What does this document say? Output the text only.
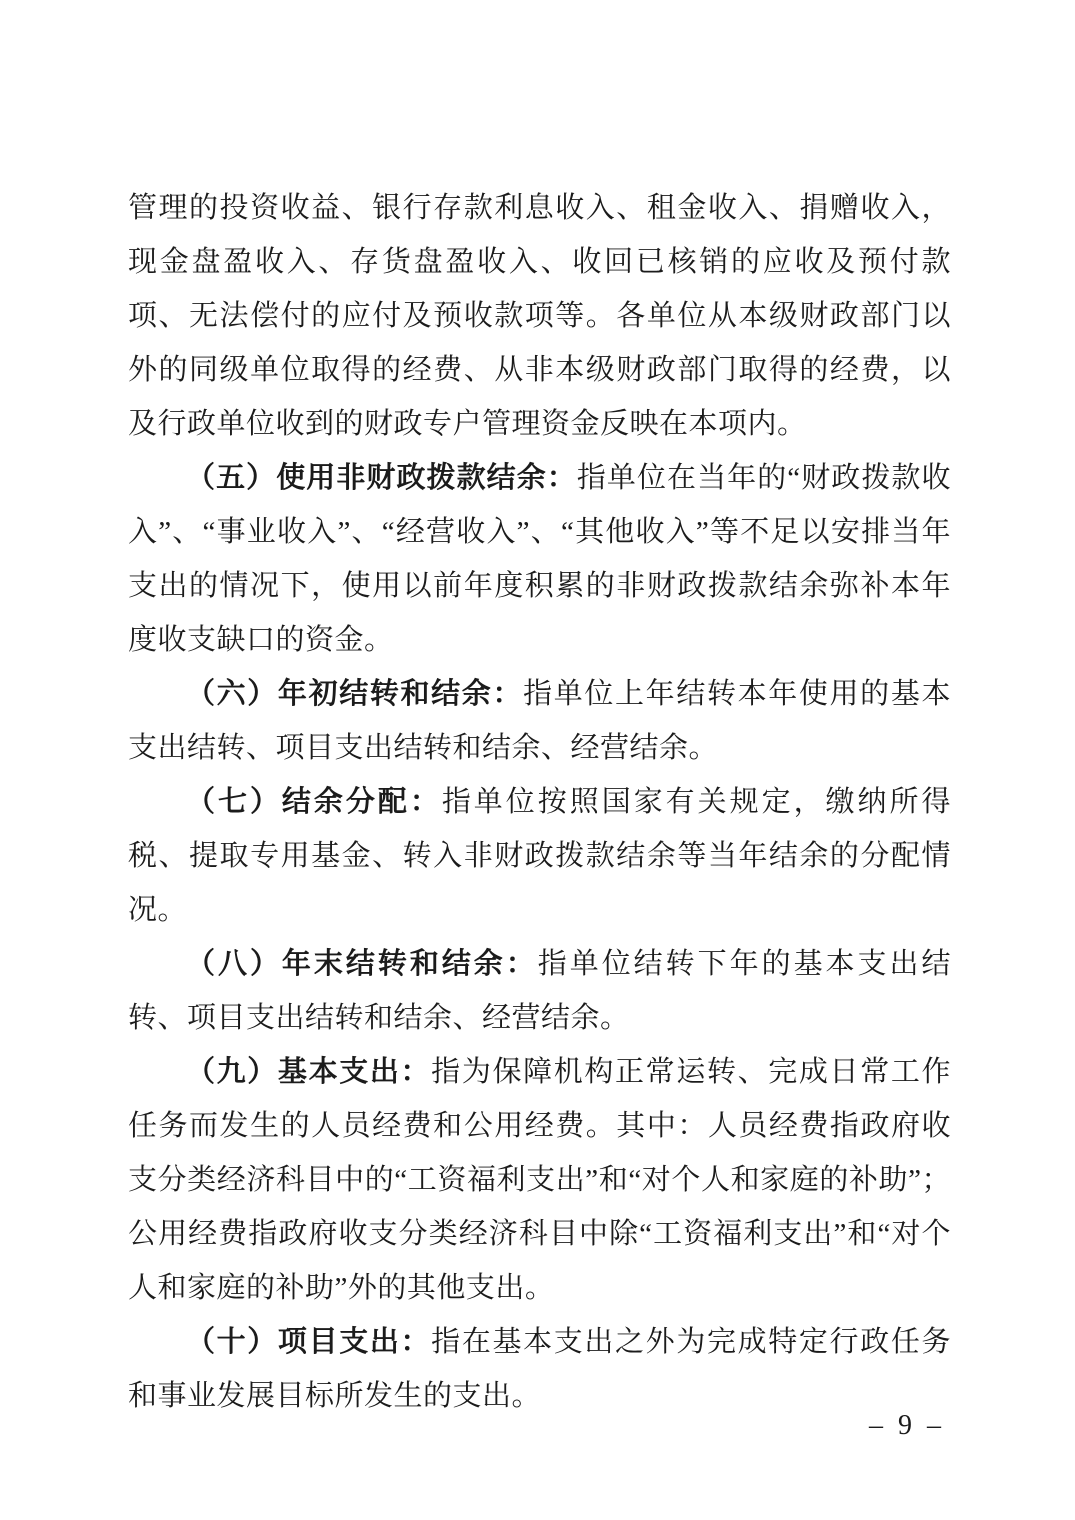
管理的投资收益、银行存款利息收入、租金收入、捐赠收入，现金盘盈收入、存货盘盈收入、收回已核销的应收及预付款项、无法偿付的应付及预收款项等。各单位从本级财政部门以外的同级单位取得的经费、从非本级财政部门取得的经费，以及行政单位收到的财政专户管理资金反映在本项内。

（五）使用非财政拨款结余：指单位在当年的“财政拨款收入”、“事业收入”、“经营收入”、“其他收入”等不足以安排当年支出的情况下，使用以前年度积累的非财政拨款结余弥补本年度收支缺口的资金。

（六）年初结转和结余：指单位上年结转本年使用的基本支出结转、项目支出结转和结余、经营结余。

（七）结余分配：指单位按照国家有关规定，缴纳所得税、提取专用基金、转入非财政拨款结余等当年结余的分配情况。

（八）年末结转和结余：指单位结转下年的基本支出结转、项目支出结转和结余、经营结余。

（九）基本支出：指为保障机构正常运转、完成日常工作任务而发生的人员经费和公用经费。其中：人员经费指政府收支分类经济科目中的“工资福利支出”和“对个人和家庭的补助”；公用经费指政府收支分类经济科目中除“工资福利支出”和“对个人和家庭的补助”外的其他支出。

（十）项目支出：指在基本支出之外为完成特定行政任务和事业发展目标所发生的支出。

– 9 –
